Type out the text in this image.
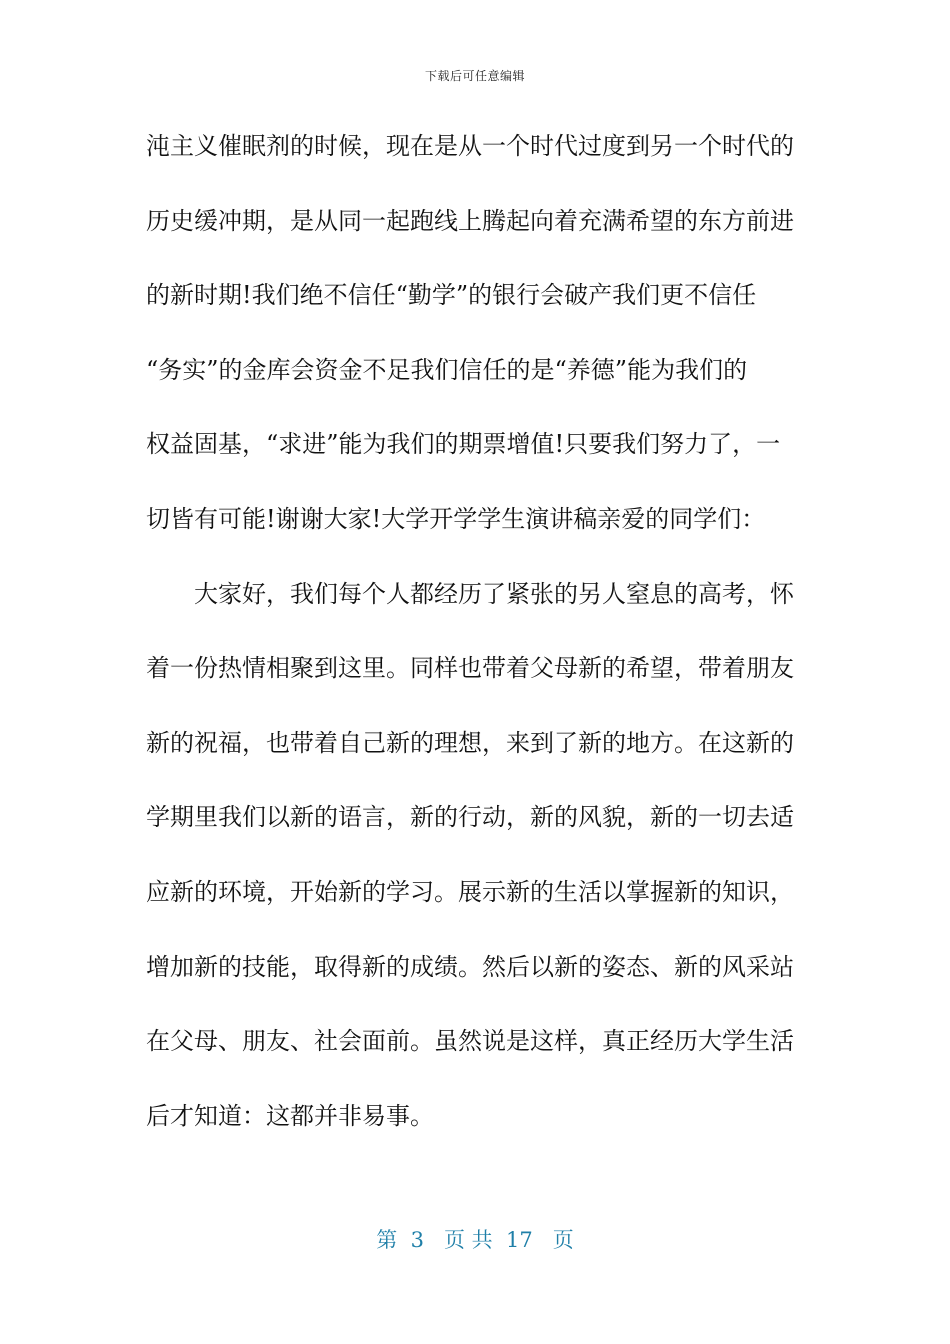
下载后可任意编辑
沌主义催眠剂的时候，现在是从一个时代过度到另一个时代的
历史缓冲期，是从同一起跑线上腾起向着充满希望的东方前进
的新时期!我们绝不信任“勤学”的银行会破产我们更不信任
“务实”的金库会资金不足我们信任的是“养德”能为我们的
权益固基，“求进”能为我们的期票增值!只要我们努力了，一
切皆有可能!谢谢大家!大学开学学生演讲稿亲爱的同学们：
大家好，我们每个人都经历了紧张的另人窒息的高考，怀
着一份热情相聚到这里。同样也带着父母新的希望，带着朋友
新的祝福，也带着自己新的理想，来到了新的地方。在这新的
学期里我们以新的语言，新的行动，新的风貌，新的一切去适
应新的环境，开始新的学习。展示新的生活以掌握新的知识，
增加新的技能，取得新的成绩。然后以新的姿态、新的风采站
在父母、朋友、社会面前。虽然说是这样，真正经历大学生活
后才知道：这都并非易事。
第  3   页 共  17   页
